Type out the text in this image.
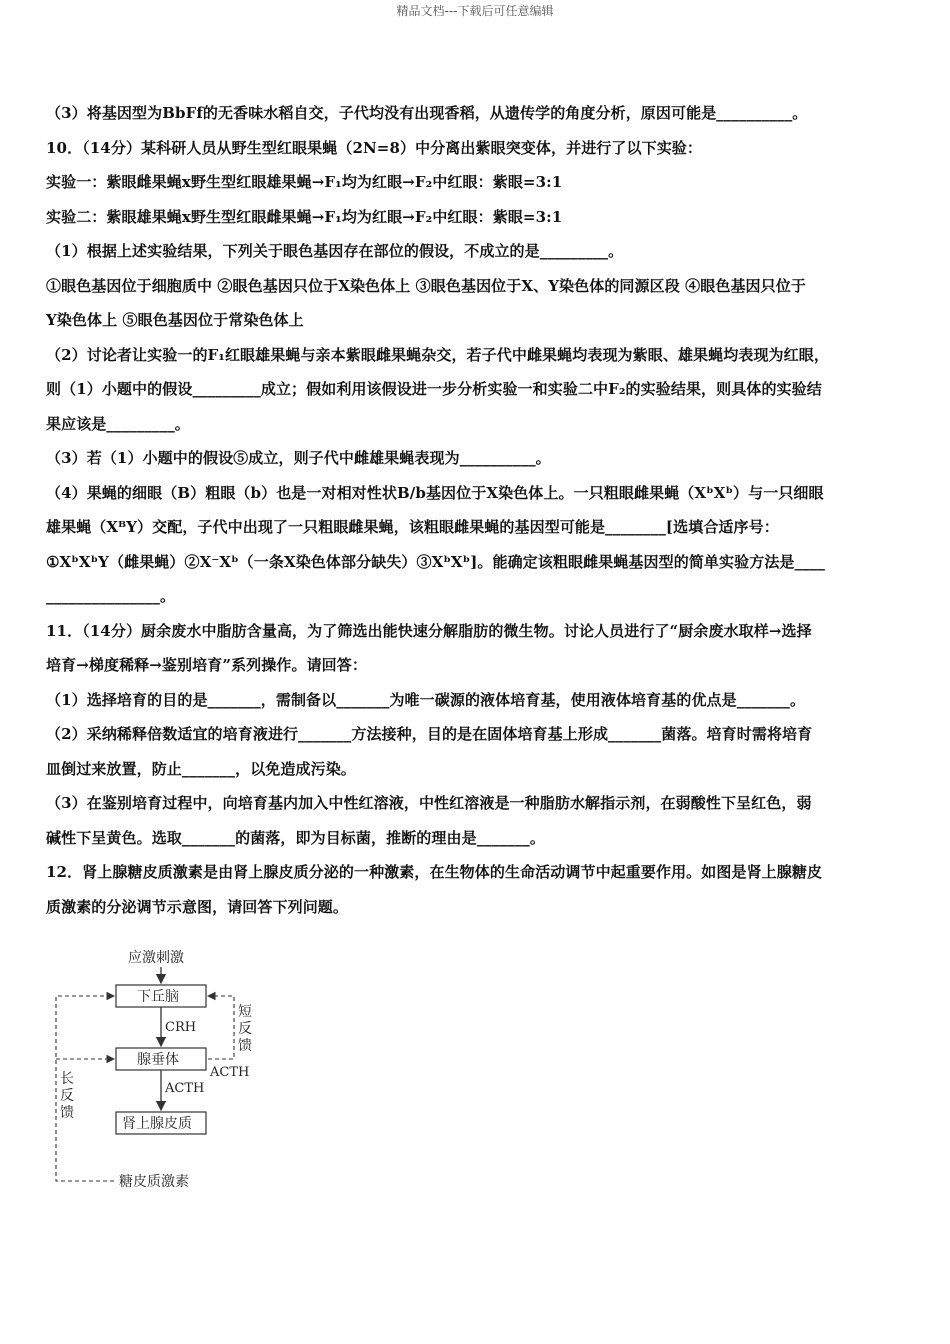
精品文档---下载后可任意编辑
（3）将基因型为BbFf的无香味水稻自交，子代均没有出现香稻，从遗传学的角度分析，原因可能是__________。
10．（14分）某科研人员从野生型红眼果蝇（2N=8）中分离出紫眼突变体，并进行了以下实验：
实验一：紫眼雌果蝇x野生型红眼雄果蝇→F₁均为红眼→F₂中红眼：紫眼=3:1
实验二：紫眼雄果蝇x野生型红眼雌果蝇→F₁均为红眼→F₂中红眼：紫眼=3:1
（1）根据上述实验结果，下列关于眼色基因存在部位的假设，不成立的是_________。
①眼色基因位于细胞质中 ②眼色基因只位于X染色体上 ③眼色基因位于X、Y染色体的同源区段 ④眼色基因只位于
Y染色体上 ⑤眼色基因位于常染色体上
（2）讨论者让实验一的F₁红眼雄果蝇与亲本紫眼雌果蝇杂交，若子代中雌果蝇均表现为紫眼、雄果蝇均表现为红眼，
则（1）小题中的假设_________成立；假如利用该假设进一步分析实验一和实验二中F₂的实验结果，则具体的实验结
果应该是_________。
（3）若（1）小题中的假设⑤成立，则子代中雌雄果蝇表现为__________。
（4）果蝇的细眼（B）粗眼（b）也是一对相对性状B/b基因位于X染色体上。一只粗眼雌果蝇（XᵇXᵇ）与一只细眼
雄果蝇（XᴮY）交配，子代中出现了一只粗眼雌果蝇，该粗眼雌果蝇的基因型可能是________[选填合适序号：
①XᵇXᵇY（雌果蝇）②X⁻Xᵇ（一条X染色体部分缺失）③XᵇXᵇ]。能确定该粗眼雌果蝇基因型的简单实验方法是____
_______________。
11．（14分）厨余废水中脂肪含量高，为了筛选出能快速分解脂肪的微生物。讨论人员进行了“厨余废水取样→选择
培育→梯度稀释→鉴别培育”系列操作。请回答：
（1）选择培育的目的是_______，需制备以_______为唯一碳源的液体培育基，使用液体培育基的优点是_______。
（2）采纳稀释倍数适宜的培育液进行_______方法接种，目的是在固体培育基上形成_______菌落。培育时需将培育
皿倒过来放置，防止_______，以免造成污染。
（3）在鉴别培育过程中，向培育基内加入中性红溶液，中性红溶液是一种脂肪水解指示剂，在弱酸性下呈红色，弱
碱性下呈黄色。选取_______的菌落，即为目标菌，推断的理由是_______。
12．肾上腺糖皮质激素是由肾上腺皮质分泌的一种激素，在生物体的生命活动调节中起重要作用。如图是肾上腺糖皮
质激素的分泌调节示意图，请回答下列问题。
应激刺激
下丘脑
CRH
腺垂体
ACTH
肾上腺皮质
糖皮质激素
长
反
馈
短
反
馈
ACTH
